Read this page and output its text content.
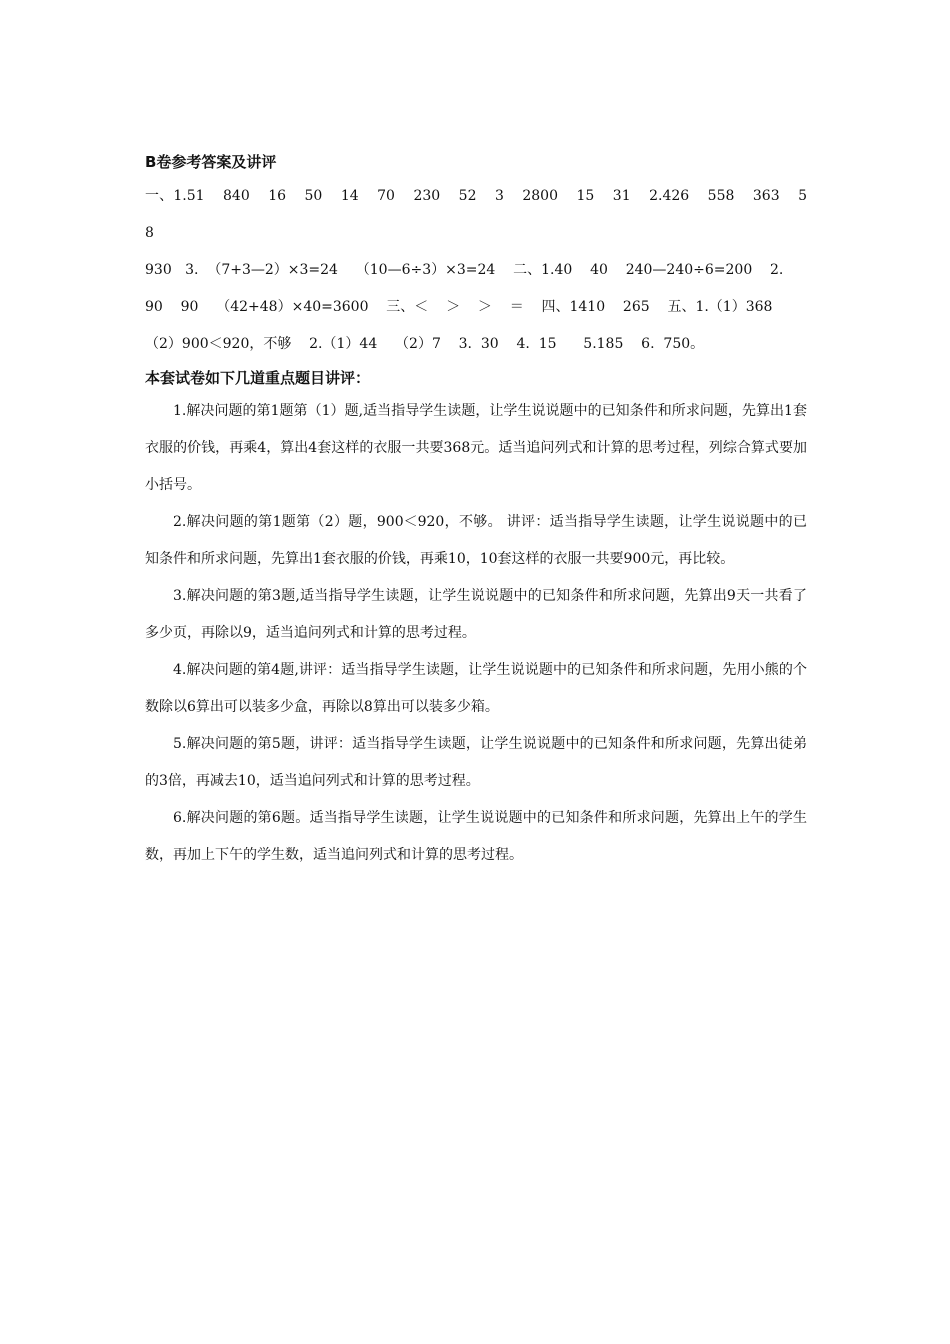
B卷参考答案及讲评

一、1.51    840    16    50    14    70    230    52    3    2800    15    31    2.426    558    363    5    8

930   3.  （7+3—2）×3=24    （10—6÷3）×3=24    二、1.40    40    240—240÷6=200    2.

90    90    （42+48）×40=3600    三、＜    ＞    ＞    ＝    四、1410    265    五、1.（1）368

（2）900＜920，不够    2.（1）44    （2）7    3.  30    4.  15      5.185    6.  750。

本套试卷如下几道重点题目讲评：

1.解决问题的第1题第（1）题,适当指导学生读题，让学生说说题中的已知条件和所求问题，先算出1套衣服的价钱，再乘4，算出4套这样的衣服一共要368元。适当追问列式和计算的思考过程，列综合算式要加小括号。

2.解决问题的第1题第（2）题，900＜920，不够。 讲评：适当指导学生读题，让学生说说题中的已知条件和所求问题，先算出1套衣服的价钱，再乘10，10套这样的衣服一共要900元，再比较。

3.解决问题的第3题,适当指导学生读题，让学生说说题中的已知条件和所求问题，先算出9天一共看了多少页，再除以9，适当追问列式和计算的思考过程。

4.解决问题的第4题,讲评：适当指导学生读题，让学生说说题中的已知条件和所求问题，先用小熊的个数除以6算出可以装多少盒，再除以8算出可以装多少箱。

5.解决问题的第5题，讲评：适当指导学生读题，让学生说说题中的已知条件和所求问题，先算出徒弟的3倍，再减去10，适当追问列式和计算的思考过程。

6.解决问题的第6题。适当指导学生读题，让学生说说题中的已知条件和所求问题，先算出上午的学生数，再加上下午的学生数，适当追问列式和计算的思考过程。
